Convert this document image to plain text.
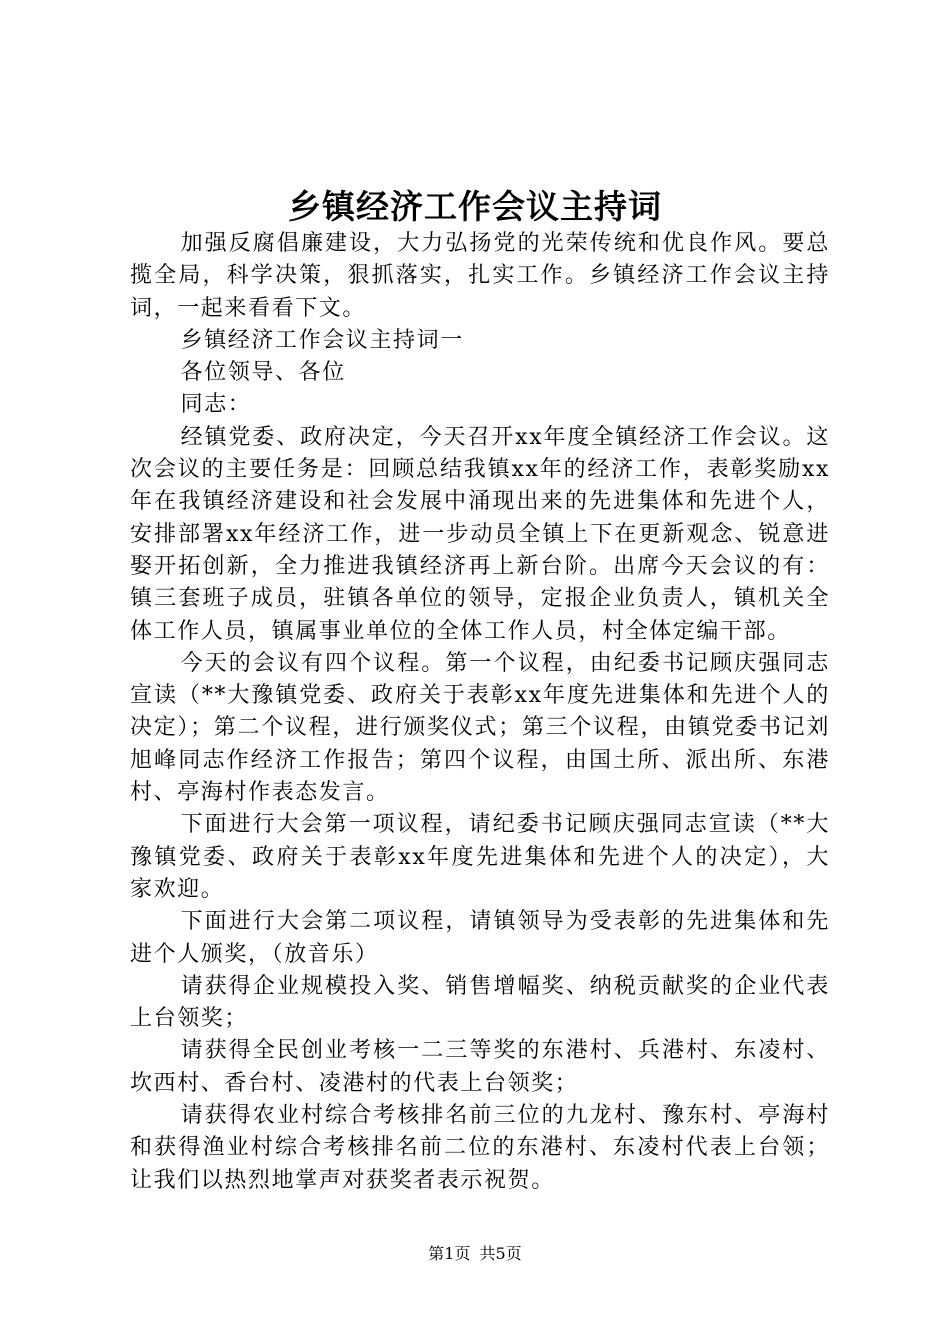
乡镇经济工作会议主持词

加强反腐倡廉建设，大力弘扬党的光荣传统和优良作风。要总揽全局，科学决策，狠抓落实，扎实工作。乡镇经济工作会议主持词，一起来看看下文。

乡镇经济工作会议主持词一

各位领导、各位

同志：

经镇党委、政府决定，今天召开xx年度全镇经济工作会议。这次会议的主要任务是：回顾总结我镇xx年的经济工作，表彰奖励xx年在我镇经济建设和社会发展中涌现出来的先进集体和先进个人，安排部署xx年经济工作，进一步动员全镇上下在更新观念、锐意进娶开拓创新，全力推进我镇经济再上新台阶。出席今天会议的有：镇三套班子成员，驻镇各单位的领导，定报企业负责人，镇机关全体工作人员，镇属事业单位的全体工作人员，村全体定编干部。

今天的会议有四个议程。第一个议程，由纪委书记顾庆强同志宣读（**大豫镇党委、政府关于表彰xx年度先进集体和先进个人的决定）；第二个议程，进行颁奖仪式；第三个议程，由镇党委书记刘旭峰同志作经济工作报告；第四个议程，由国土所、派出所、东港村、亭海村作表态发言。

下面进行大会第一项议程，请纪委书记顾庆强同志宣读（**大豫镇党委、政府关于表彰xx年度先进集体和先进个人的决定），大家欢迎。

下面进行大会第二项议程，请镇领导为受表彰的先进集体和先进个人颁奖，（放音乐）

请获得企业规模投入奖、销售增幅奖、纳税贡献奖的企业代表上台领奖；

请获得全民创业考核一二三等奖的东港村、兵港村、东凌村、坎西村、香台村、凌港村的代表上台领奖；

请获得农业村综合考核排名前三位的九龙村、豫东村、亭海村和获得渔业村综合考核排名前二位的东港村、东凌村代表上台领；让我们以热烈地掌声对获奖者表示祝贺。

第1页 共5页
